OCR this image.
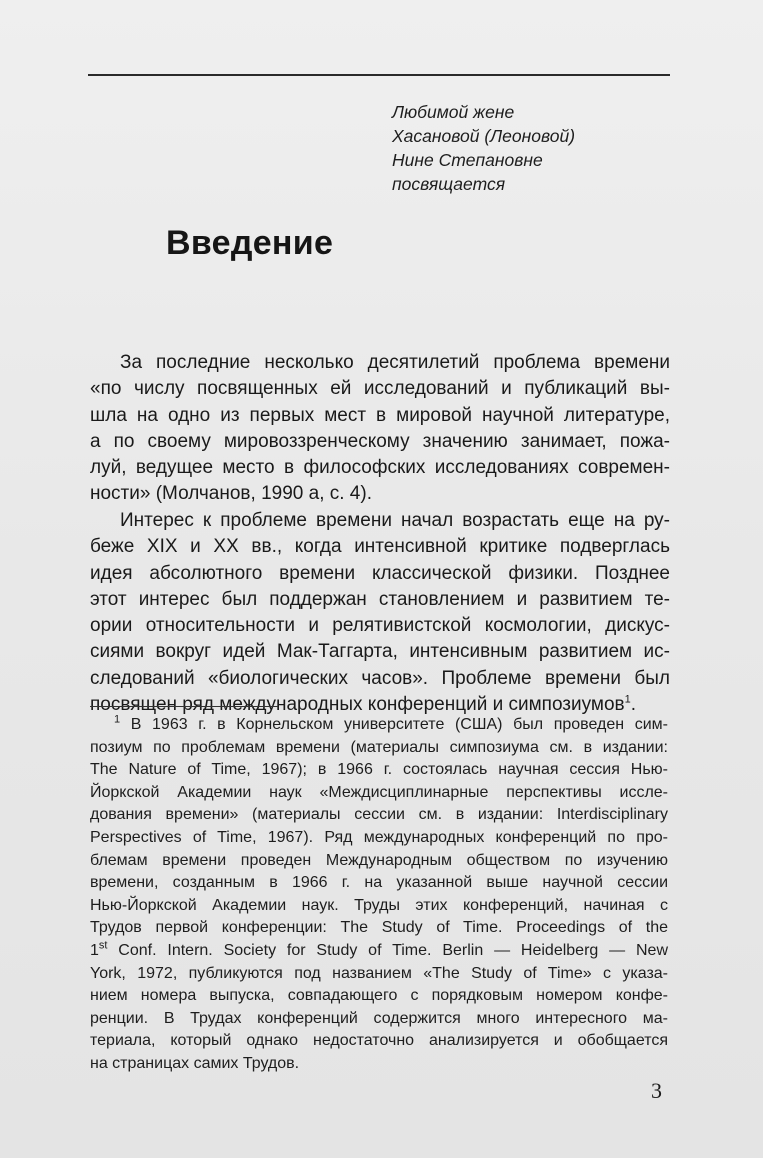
Любимой жене
Хасановой (Леоновой)
Нине Степановне
посвящается
Введение
За последние несколько десятилетий проблема времени
«по числу посвященных ей исследований и публикаций вы-
шла на одно из первых мест в мировой научной литературе,
а по своему мировоззренческому значению занимает, пожа-
луй, ведущее место в философских исследованиях современ-
ности» (Молчанов, 1990 а, с. 4).
Интерес к проблеме времени начал возрастать еще на ру-
беже XIX и XX вв., когда интенсивной критике подверглась
идея абсолютного времени классической физики. Позднее
этот интерес был поддержан становлением и развитием те-
ории относительности и релятивистской космологии, дискус-
сиями вокруг идей Мак-Таггарта, интенсивным развитием ис-
следований «биологических часов». Проблеме времени был
посвящен ряд международных конференций и симпозиумов$^1$.
$^1$ В 1963 г. в Корнельском университете (США) был проведен сим-
позиум по проблемам времени (материалы симпозиума см. в издании:
The Nature of Time, 1967); в 1966 г. состоялась научная сессия Нью-
Йоркской Академии наук «Междисциплинарные перспективы иссле-
дования времени» (материалы сессии см. в издании: Interdisciplinary
Perspectives of Time, 1967). Ряд международных конференций по про-
блемам времени проведен Международным обществом по изучению
времени, созданным в 1966 г. на указанной выше научной сессии
Нью-Йоркской Академии наук. Труды этих конференций, начиная с
Трудов первой конференции: The Study of Time. Proceedings of the
1st Conf. Intern. Society for Study of Time. Berlin — Heidelberg — New
York, 1972, публикуются под названием «The Study of Time» с указа-
нием номера выпуска, совпадающего с порядковым номером конфе-
ренции. В Трудах конференций содержится много интересного ма-
териала, который однако недостаточно анализируется и обобщается
на страницах самих Трудов.
3
